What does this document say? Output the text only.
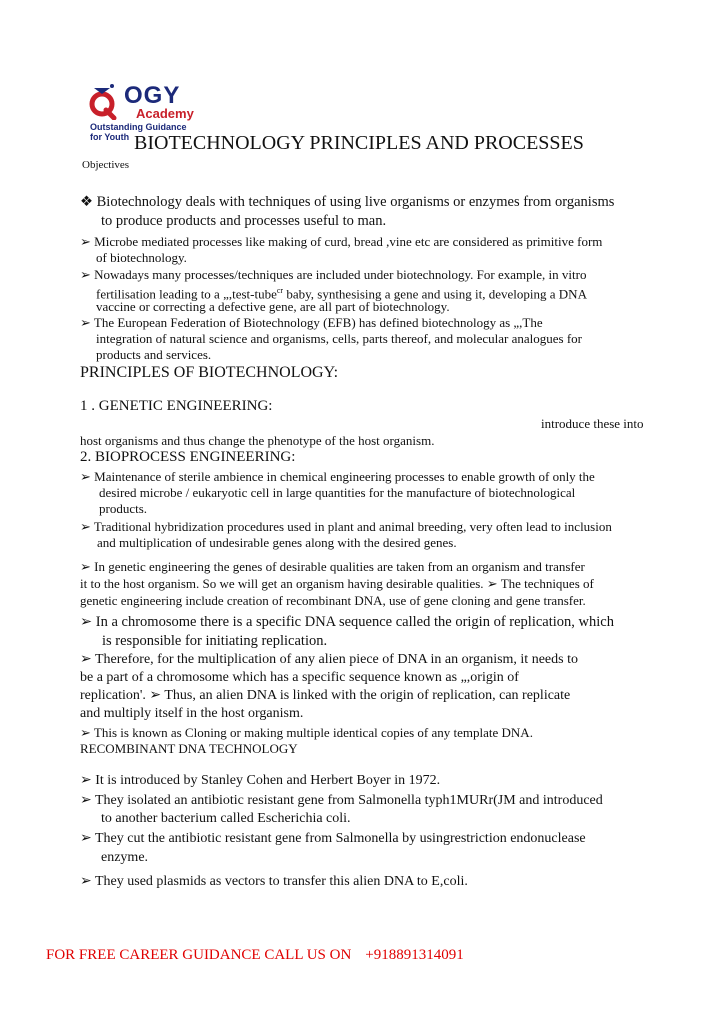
OGY
Academy
Outstanding Guidance for Youth BIOTECHNOLOGY PRINCIPLES AND PROCESSES
Objectives
❖ Biotechnology deals with techniques of using live organisms or enzymes from organisms
to produce products and processes useful to man.
➢ Microbe mediated processes like making of curd, bread ,vine etc are considered as primitive form
of biotechnology.
➢ Nowadays many processes/techniques are included under biotechnology. For example, in vitro
fertilisation leading to a „,test-tube$^{cr}$ baby, synthesising a gene and using it, developing a DNA
vaccine or correcting a defective gene, are all part of biotechnology.
➢ The European Federation of Biotechnology (EFB) has defined biotechnology as „,The
integration of natural science and organisms, cells, parts thereof, and molecular analogues for
products and services.
PRINCIPLES OF BIOTECHNOLOGY:
1 . GENETIC ENGINEERING:
introduce these into
host organisms and thus change the phenotype of the host organism.
2. BIOPROCESS ENGINEERING:
➢ Maintenance of sterile ambience in chemical engineering processes to enable growth of only the
desired microbe / eukaryotic cell in large quantities for the manufacture of biotechnological
products.
➢ Traditional hybridization procedures used in plant and animal breeding, very often lead to inclusion
and multiplication of undesirable genes along with the desired genes.
➢ In genetic engineering the genes of desirable qualities are taken from an organism and transfer
it to the host organism. So we will get an organism having desirable qualities. ➢ The techniques of
genetic engineering include creation of recombinant DNA, use of gene cloning and gene transfer.
➢ In a chromosome there is a specific DNA sequence called the origin of replication, which
is responsible for initiating replication.
➢ Therefore, for the multiplication of any alien piece of DNA in an organism, it needs to
be a part of a chromosome which has a specific sequence known as „,origin of
replication'. ➢ Thus, an alien DNA is linked with the origin of replication, can replicate
and multiply itself in the host organism.
➢ This is known as Cloning or making multiple identical copies of any template DNA.
RECOMBINANT DNA TECHNOLOGY
➢ It is introduced by Stanley Cohen and Herbert Boyer in 1972.
➢ They isolated an antibiotic resistant gene from Salmonella typh1MURr(JM and introduced
to another bacterium called Escherichia coli.
➢ They cut the antibiotic resistant gene from Salmonella by usingrestriction endonuclease
enzyme.
➢ They used plasmids as vectors to transfer this alien DNA to E,coli.
FOR FREE CAREER GUIDANCE CALL US ON +918891314091
